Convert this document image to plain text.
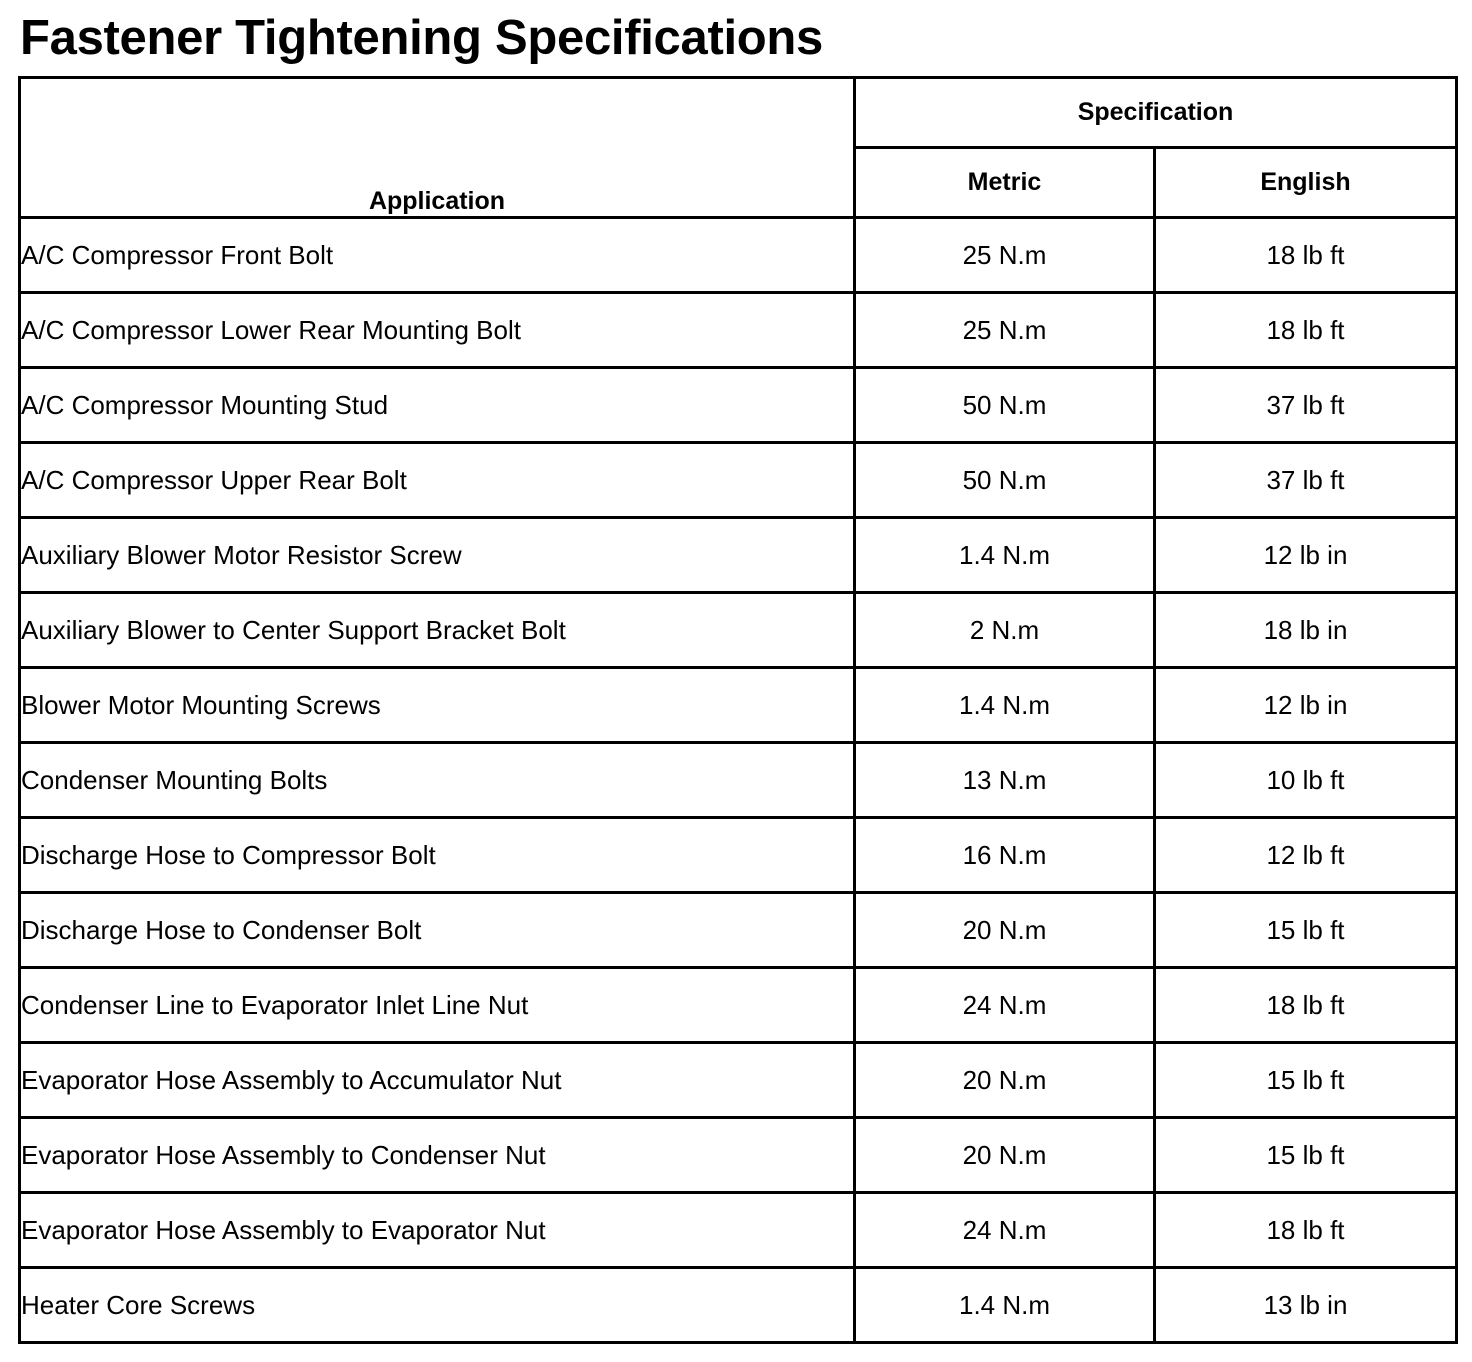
Fastener Tightening Specifications
Application	Specification	
	Metric	English
A/C Compressor Front Bolt	25 N.m	18 lb ft
A/C Compressor Lower Rear Mounting Bolt	25 N.m	18 lb ft
A/C Compressor Mounting Stud	50 N.m	37 lb ft
A/C Compressor Upper Rear Bolt	50 N.m	37 lb ft
Auxiliary Blower Motor Resistor Screw	1.4 N.m	12 lb in
Auxiliary Blower to Center Support Bracket Bolt	2 N.m	18 lb in
Blower Motor Mounting Screws	1.4 N.m	12 lb in
Condenser Mounting Bolts	13 N.m	10 lb ft
Discharge Hose to Compressor Bolt	16 N.m	12 lb ft
Discharge Hose to Condenser Bolt	20 N.m	15 lb ft
Condenser Line to Evaporator Inlet Line Nut	24 N.m	18 lb ft
Evaporator Hose Assembly to Accumulator Nut	20 N.m	15 lb ft
Evaporator Hose Assembly to Condenser Nut	20 N.m	15 lb ft
Evaporator Hose Assembly to Evaporator Nut	24 N.m	18 lb ft
Heater Core Screws	1.4 N.m	13 lb in
